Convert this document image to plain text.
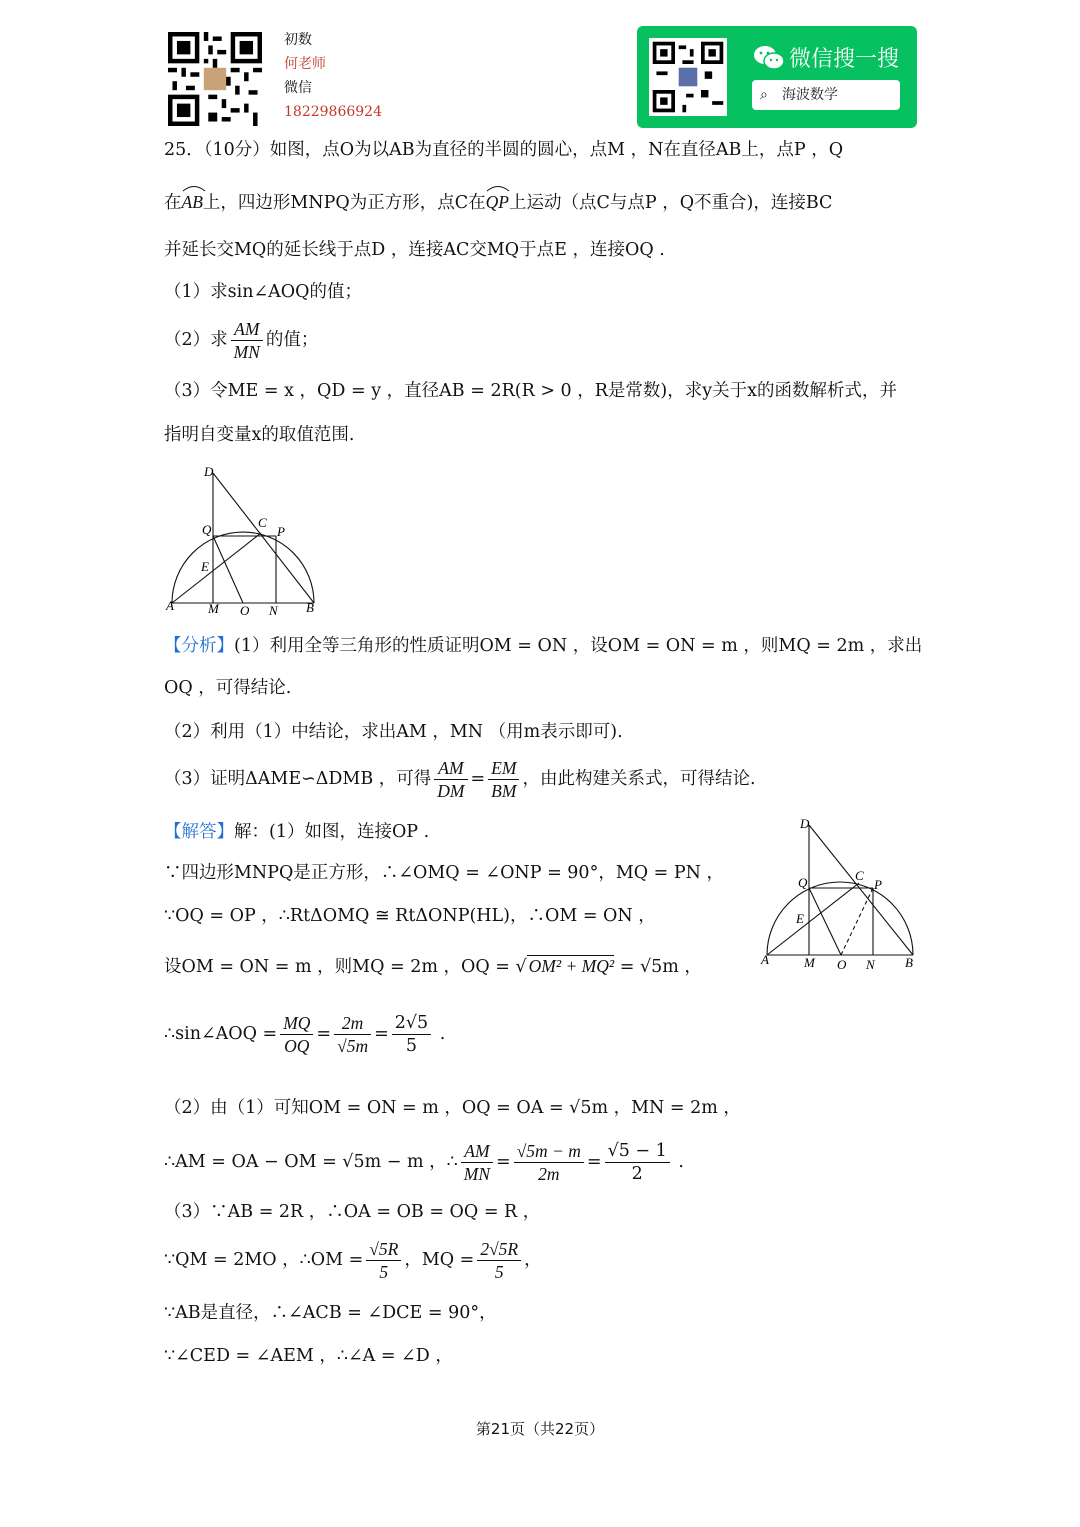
初数
何老师
微信
18229866924
微信搜一搜
⌕ 海波数学
25．（10分）如图，点O为以AB为直径的半圆的圆心，点M ，N在直径AB上，点P ，Q
在
AB上，四边形MNPQ为正方形，点C在
QP上运动（点C与点P ，Q不重合)，连接BC
并延长交MQ的延长线于点D ，连接AC交MQ于点E ，连接OQ .
（1）求sin∠AOQ的值；
（2）求 $\frac{AM}{MN}$ 的值；
（3）令ME = x ，QD = y ，直径AB = 2R(R > 0 ，R是常数)，求y关于x的函数解析式，并
指明自变量x的取值范围.
D
Q	C
P
E
A	M O N B
【分析】(1）利用全等三角形的性质证明OM = ON ，设OM = ON = m ，则MQ = 2m ，求出
OQ ，可得结论.
（2）利用（1）中结论，求出AM ，MN （用m表示即可).
（3）证明ΔAME∽ΔDMB ，可得 $\frac{AM}{DM} = \frac{EM}{BM}$ ，由此构建关系式，可得结论.
【解答】解：(1）如图，连接OP .
∵四边形MNPQ是正方形，∴∠OMQ = ∠ONP = 90°，MQ = PN ，
∵OQ = OP ，∴RtΔOMQ ≅ RtΔONP(HL)，∴OM = ON ，
设OM = ON = m ，则MQ = 2m ，OQ = √ OM² + MQ² = √5m ，
∴sin∠AOQ = $\frac{MQ}{OQ} = \frac{2m}{√5m} = \frac{2√5}{5}$ .
（2）由（1）可知OM = ON = m ，OQ = OA = √5m ，MN = 2m ，
∴AM = OA − OM = √5m − m ，∴ $\frac{AM}{MN} = \frac{√5m - m}{2m} = \frac{√5 - 1}{2}$ .
（3）∵AB = 2R ，∴OA = OB = OQ = R ，
∵QM = 2MO ，∴OM = $\frac{√5R}{5}$ ，MQ = $\frac{2√5R}{5}$ ，
∵AB是直径，∴∠ACB = ∠DCE = 90°，
∵∠CED = ∠AEM ，∴∠A = ∠D ，
D
Q	C
P
E
A	M O N B
第21页（共22页）
